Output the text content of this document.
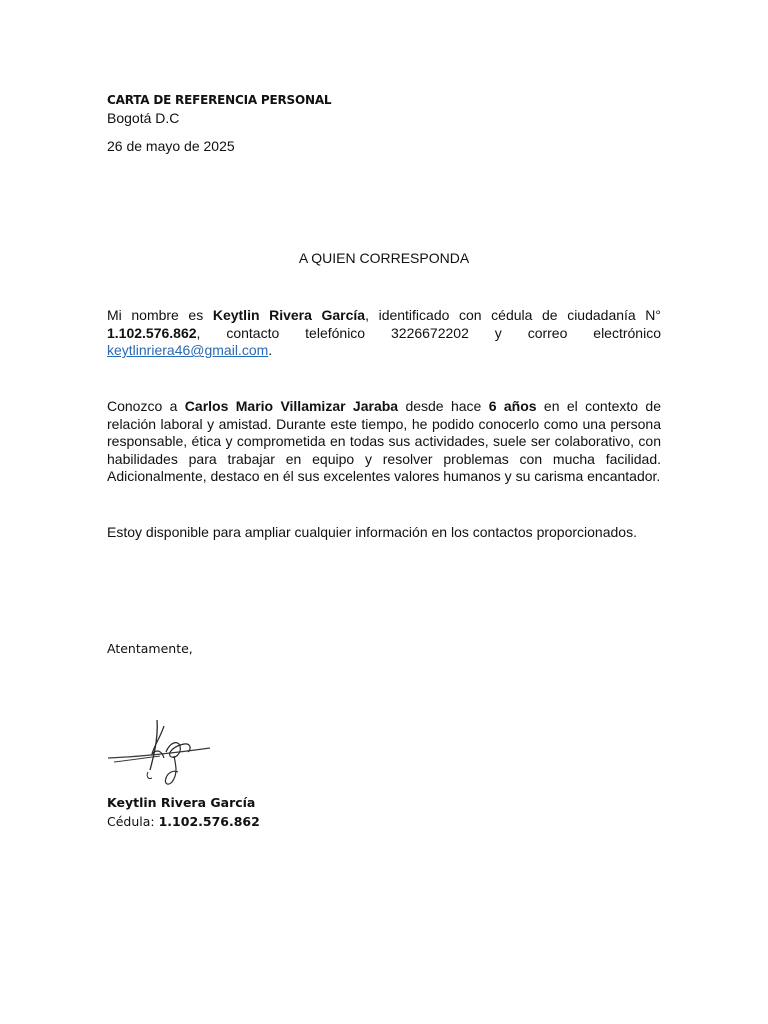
CARTA DE REFERENCIA PERSONAL
Bogotá D.C
26 de mayo de 2025
A QUIEN CORRESPONDA
Mi nombre es Keytlin Rivera García, identificado con cédula de ciudadanía N° 1.102.576.862, contacto telefónico 3226672202 y correo electrónico keytlinriera46@gmail.com.
Conozco a Carlos Mario Villamizar Jaraba desde hace 6 años en el contexto de relación laboral y amistad. Durante este tiempo, he podido conocerlo como una persona responsable, ética y comprometida en todas sus actividades, suele ser colaborativo, con habilidades para trabajar en equipo y resolver problemas con mucha facilidad. Adicionalmente, destaco en él sus excelentes valores humanos y su carisma encantador.
Estoy disponible para ampliar cualquier información en los contactos proporcionados.
Atentamente,
Keytlin Rivera García
Cédula: 1.102.576.862
